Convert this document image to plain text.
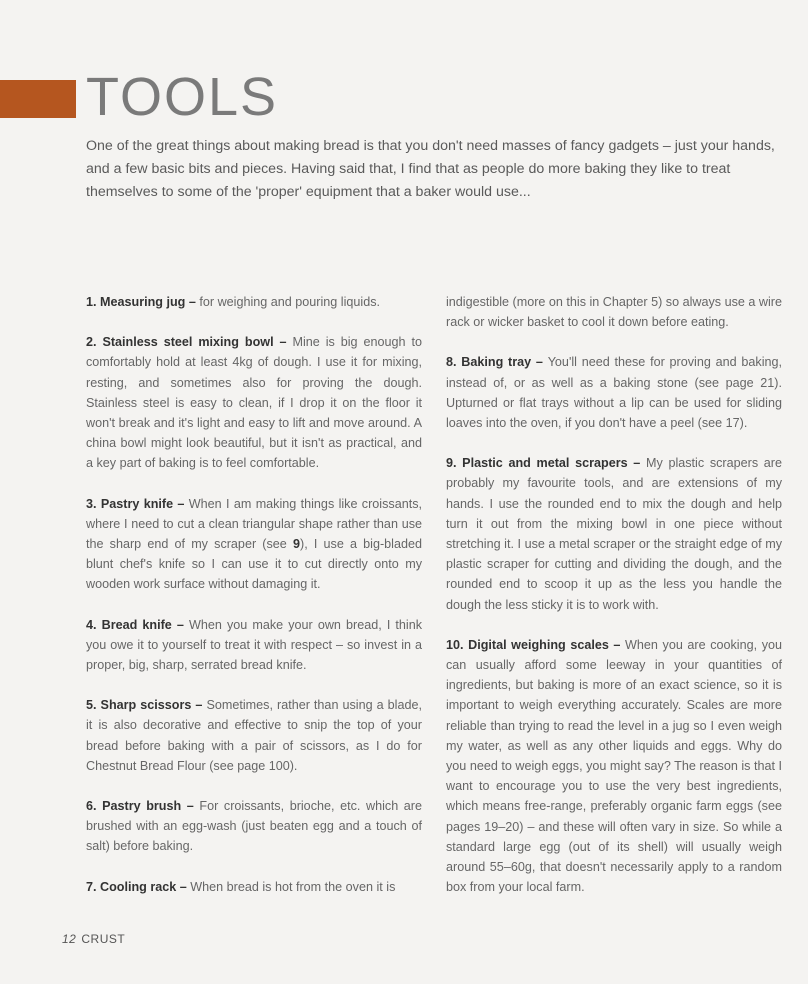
TOOLS

One of the great things about making bread is that you don't need masses of fancy gadgets – just your hands, and a few basic bits and pieces. Having said that, I find that as people do more baking they like to treat themselves to some of the 'proper' equipment that a baker would use...

1. Measuring jug – for weighing and pouring liquids.

2. Stainless steel mixing bowl – Mine is big enough to comfortably hold at least 4kg of dough. I use it for mixing, resting, and sometimes also for proving the dough. Stainless steel is easy to clean, if I drop it on the floor it won't break and it's light and easy to lift and move around. A china bowl might look beautiful, but it isn't as practical, and a key part of baking is to feel comfortable.

3. Pastry knife – When I am making things like croissants, where I need to cut a clean triangular shape rather than use the sharp end of my scraper (see 9), I use a big-bladed blunt chef's knife so I can use it to cut directly onto my wooden work surface without damaging it.

4. Bread knife – When you make your own bread, I think you owe it to yourself to treat it with respect – so invest in a proper, big, sharp, serrated bread knife.

5. Sharp scissors – Sometimes, rather than using a blade, it is also decorative and effective to snip the top of your bread before baking with a pair of scissors, as I do for Chestnut Bread Flour (see page 100).

6. Pastry brush – For croissants, brioche, etc. which are brushed with an egg-wash (just beaten egg and a touch of salt) before baking.

7. Cooling rack – When bread is hot from the oven it is

indigestible (more on this in Chapter 5) so always use a wire rack or wicker basket to cool it down before eating.

8. Baking tray – You'll need these for proving and baking, instead of, or as well as a baking stone (see page 21). Upturned or flat trays without a lip can be used for sliding loaves into the oven, if you don't have a peel (see 17).

9. Plastic and metal scrapers – My plastic scrapers are probably my favourite tools, and are extensions of my hands. I use the rounded end to mix the dough and help turn it out from the mixing bowl in one piece without stretching it. I use a metal scraper or the straight edge of my plastic scraper for cutting and dividing the dough, and the rounded end to scoop it up as the less you handle the dough the less sticky it is to work with.

10. Digital weighing scales – When you are cooking, you can usually afford some leeway in your quantities of ingredients, but baking is more of an exact science, so it is important to weigh everything accurately. Scales are more reliable than trying to read the level in a jug so I even weigh my water, as well as any other liquids and eggs. Why do you need to weigh eggs, you might say? The reason is that I want to encourage you to use the very best ingredients, which means free-range, preferably organic farm eggs (see pages 19–20) – and these will often vary in size. So while a standard large egg (out of its shell) will usually weigh around 55–60g, that doesn't necessarily apply to a random box from your local farm.

12 CRUST
